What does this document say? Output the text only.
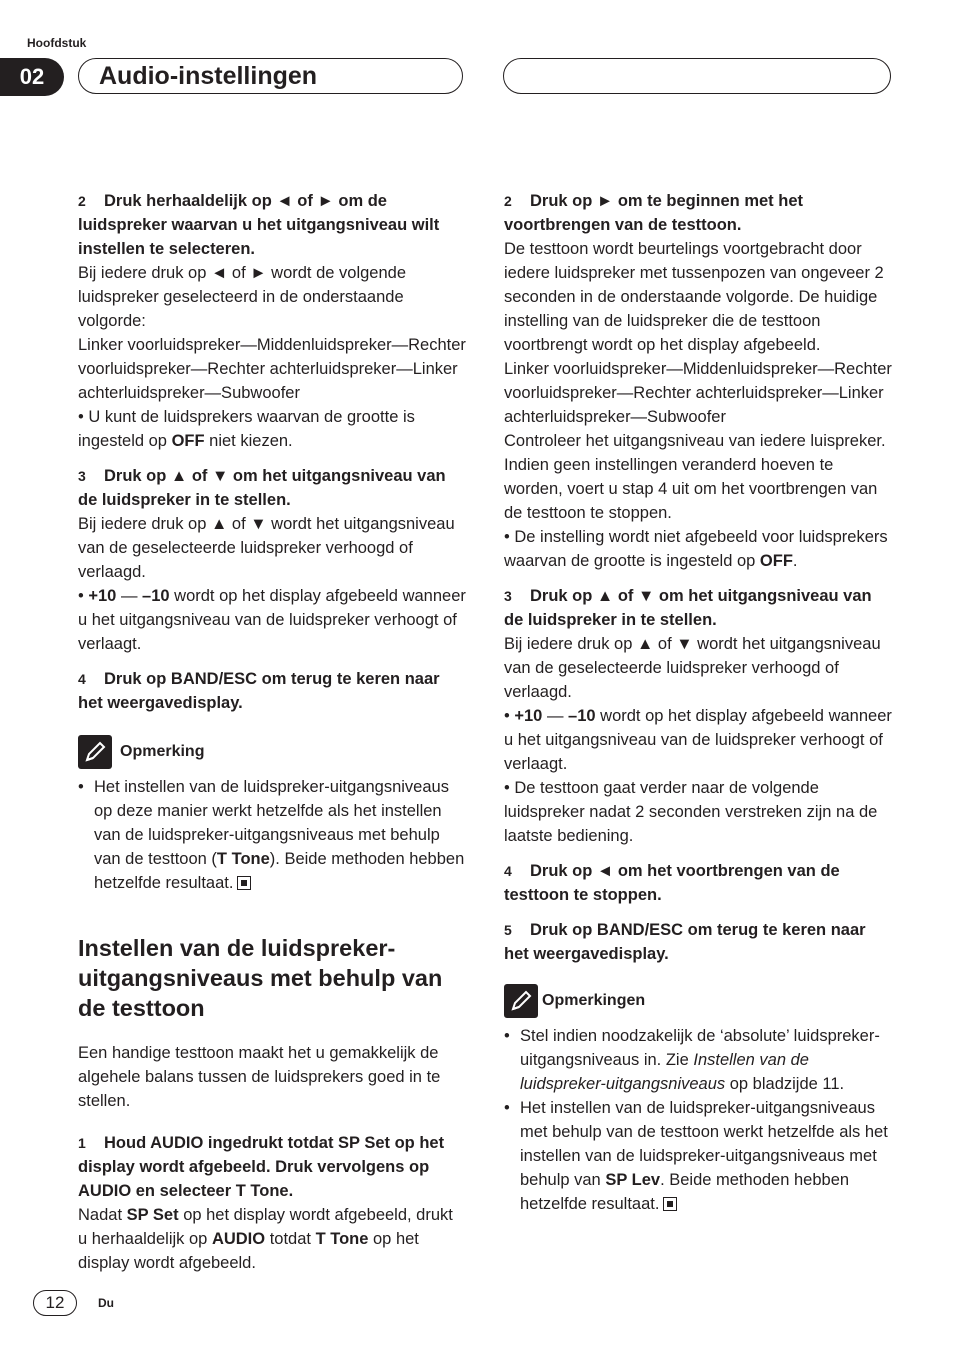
Hoofdstuk
02	Audio-instellingen

2 Druk herhaaldelijk op ◄ of ► om de luidspreker waarvan u het uitgangsniveau wilt instellen te selecteren.

Bij iedere druk op ◄ of ► wordt de volgende luidspreker geselecteerd in de onderstaande volgorde:

Linker voorluidspreker—Middenluidspreker—Rechter voorluidspreker—Rechter achterluidspreker—Linker achterluidspreker—Subwoofer

• U kunt de luidsprekers waarvan de grootte is ingesteld op OFF niet kiezen.

3 Druk op ▲ of ▼ om het uitgangsniveau van de luidspreker in te stellen.

Bij iedere druk op ▲ of ▼ wordt het uitgangsniveau van de geselecteerde luidspreker verhoogd of verlaagd.

• +10 — –10 wordt op het display afgebeeld wanneer u het uitgangsniveau van de luidspreker verhoogt of verlaagt.

4 Druk op BAND/ESC om terug te keren naar het weergavedisplay.

Opmerking
• Het instellen van de luidspreker-uitgangsniveaus op deze manier werkt hetzelfde als het instellen van de luidspreker-uitgangsniveaus met behulp van de testtoon (T Tone). Beide methoden hebben hetzelfde resultaat.

Instellen van de luidspreker-uitgangsniveaus met behulp van de testtoon

Een handige testtoon maakt het u gemakkelijk de algehele balans tussen de luidsprekers goed in te stellen.

1 Houd AUDIO ingedrukt totdat SP Set op het display wordt afgebeeld. Druk vervolgens op AUDIO en selecteer T Tone.

Nadat SP Set op het display wordt afgebeeld, drukt u herhaaldelijk op AUDIO totdat T Tone op het display wordt afgebeeld.

2 Druk op ► om te beginnen met het voortbrengen van de testtoon.

De testtoon wordt beurtelings voortgebracht door iedere luidspreker met tussenpozen van ongeveer 2 seconden in de onderstaande volgorde. De huidige instelling van de luidspreker die de testtoon voortbrengt wordt op het display afgebeeld.

Linker voorluidspreker—Middenluidspreker—Rechter voorluidspreker—Rechter achterluidspreker—Linker achterluidspreker—Subwoofer

Controleer het uitgangsniveau van iedere luispreker. Indien geen instellingen veranderd hoeven te worden, voert u stap 4 uit om het voortbrengen van de testtoon te stoppen.

• De instelling wordt niet afgebeeld voor luidsprekers waarvan de grootte is ingesteld op OFF.

3 Druk op ▲ of ▼ om het uitgangsniveau van de luidspreker in te stellen.

Bij iedere druk op ▲ of ▼ wordt het uitgangsniveau van de geselecteerde luidspreker verhoogd of verlaagd.

• +10 — –10 wordt op het display afgebeeld wanneer u het uitgangsniveau van de luidspreker verhoogt of verlaagt.

• De testtoon gaat verder naar de volgende luidspreker nadat 2 seconden verstreken zijn na de laatste bediening.

4 Druk op ◄ om het voortbrengen van de testtoon te stoppen.

5 Druk op BAND/ESC om terug te keren naar het weergavedisplay.

Opmerkingen
• Stel indien noodzakelijk de ‘absolute’ luidspreker-uitgangsniveaus in. Zie Instellen van de luidspreker-uitgangsniveaus op bladzijde 11.
• Het instellen van de luidspreker-uitgangsniveaus met behulp van de testtoon werkt hetzelfde als het instellen van de luidspreker-uitgangsniveaus met behulp van SP Lev. Beide methoden hebben hetzelfde resultaat.
12	Du
